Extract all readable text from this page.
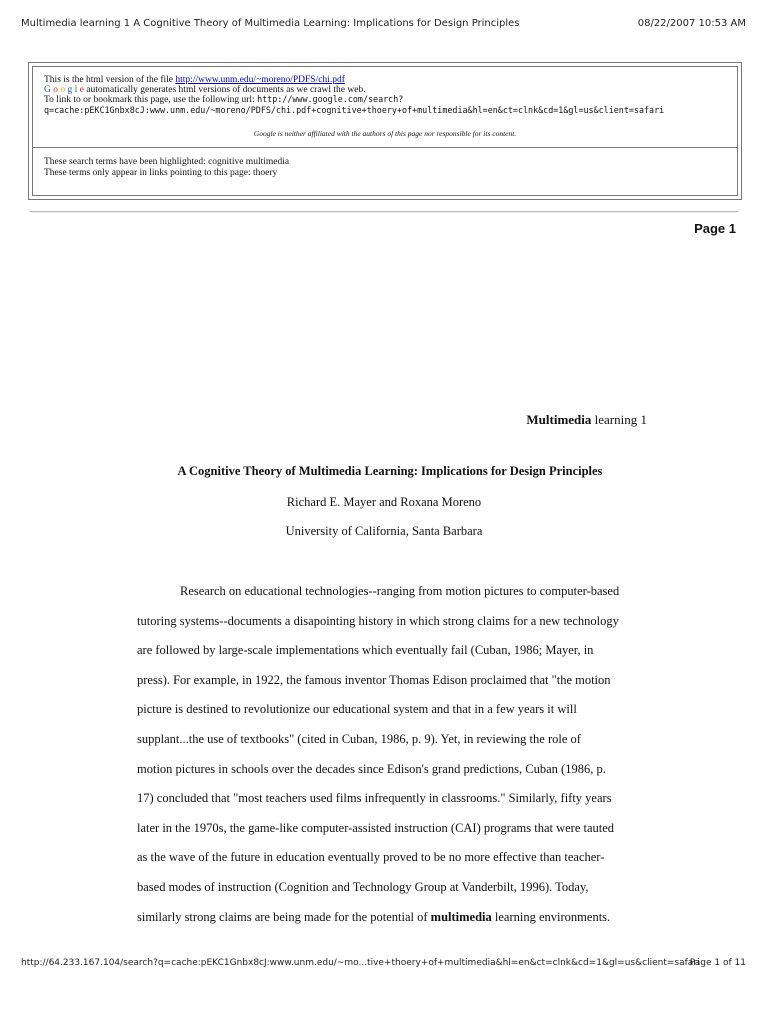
Multimedia learning 1 A Cognitive Theory of Multimedia Learning: Implications for Design Principles	08/22/2007 10:53 AM
This is the html version of the file http://www.unm.edu/~moreno/PDFS/chi.pdf
G o o g l e automatically generates html versions of documents as we crawl the web.
To link to or bookmark this page, use the following url: http://www.google.com/search?
q=cache:pEKC1Gnbx8cJ:www.unm.edu/~moreno/PDFS/chi.pdf+cognitive+thoery+of+multimedia&hl=en&ct=clnk&cd=1&gl=us&client=safari
Google is neither affiliated with the authors of this page nor responsible for its content.
These search terms have been highlighted: cognitive multimedia
These terms only appear in links pointing to this page: thoery
Page 1
Multimedia learning 1
A Cognitive Theory of Multimedia Learning: Implications for Design Principles
Richard E. Mayer and Roxana Moreno
University of California, Santa Barbara
Research on educational technologies--ranging from motion pictures to computer-based
tutoring systems--documents a disapointing history in which strong claims for a new technology
are followed by large-scale implementations which eventually fail (Cuban, 1986; Mayer, in
press). For example, in 1922, the famous inventor Thomas Edison proclaimed that "the motion
picture is destined to revolutionize our educational system and that in a few years it will
supplant...the use of textbooks" (cited in Cuban, 1986, p. 9). Yet, in reviewing the role of
motion pictures in schools over the decades since Edison's grand predictions, Cuban (1986, p.
17) concluded that "most teachers used films infrequently in classrooms." Similarly, fifty years
later in the 1970s, the game-like computer-assisted instruction (CAI) programs that were tauted
as the wave of the future in education eventually proved to be no more effective than teacher-
based modes of instruction (Cognition and Technology Group at Vanderbilt, 1996). Today,
similarly strong claims are being made for the potential of multimedia learning environments.
http://64.233.167.104/search?q=cache:pEKC1Gnbx8cJ:www.unm.edu/~mo...tive+thoery+of+multimedia&hl=en&ct=clnk&cd=1&gl=us&client=safari
Page 1 of 11
